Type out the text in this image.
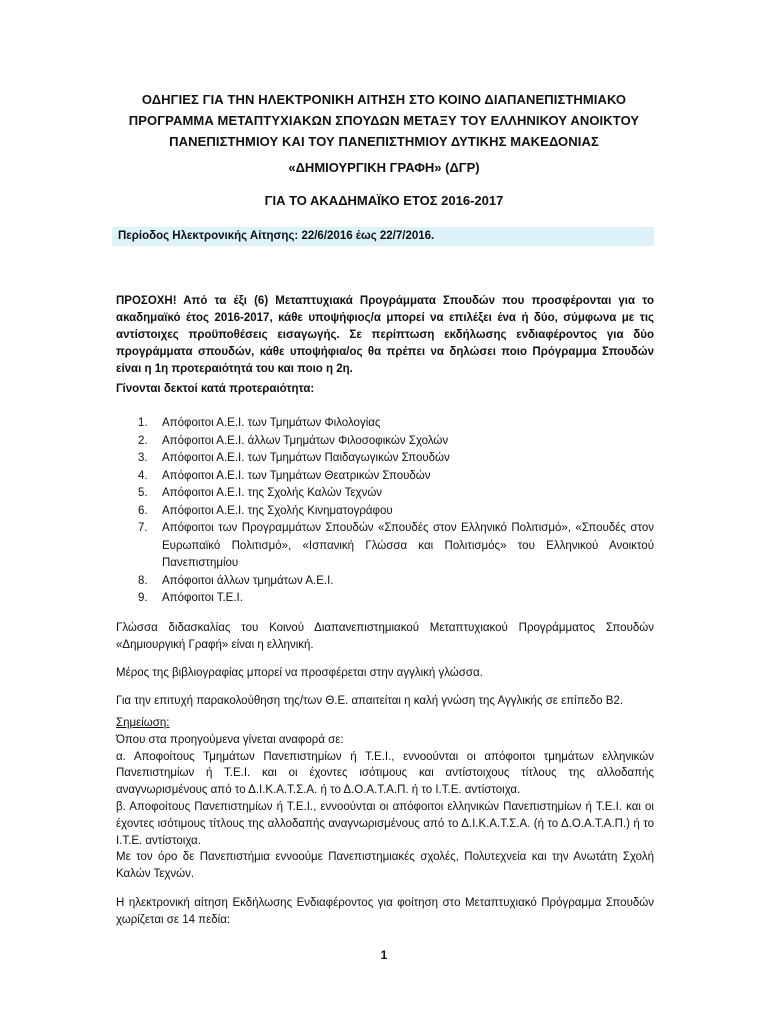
ΟΔΗΓΙΕΣ ΓΙΑ ΤΗΝ ΗΛΕΚΤΡΟΝΙΚΗ ΑΙΤΗΣΗ ΣΤΟ ΚΟΙΝΟ ΔΙΑΠΑΝΕΠΙΣΤΗΜΙΑΚΟ
ΠΡΟΓΡΑΜΜΑ ΜΕΤΑΠΤΥΧΙΑΚΩΝ ΣΠΟΥΔΩΝ ΜΕΤΑΞΥ ΤΟΥ ΕΛΛΗΝΙΚΟΥ ΑΝΟΙΚΤΟΥ
ΠΑΝΕΠΙΣΤΗΜΙΟΥ ΚΑΙ ΤΟΥ ΠΑΝΕΠΙΣΤΗΜΙΟΥ ΔΥΤΙΚΗΣ ΜΑΚΕΔΟΝΙΑΣ
«ΔΗΜΙΟΥΡΓΙΚΗ ΓΡΑΦΗ» (ΔΓΡ)
ΓΙΑ ΤΟ ΑΚΑΔΗΜΑΪΚΟ ΕΤΟΣ 2016-2017
Περίοδος Ηλεκτρονικής Αίτησης: 22/6/2016 έως 22/7/2016.
ΠΡΟΣΟΧΗ! Από τα έξι (6) Μεταπτυχιακά Προγράμματα Σπουδών που προσφέρονται για το ακαδημαϊκό έτος 2016-2017, κάθε υποψήφιος/α μπορεί να επιλέξει ένα ή δύο, σύμφωνα με τις αντίστοιχες προϋποθέσεις εισαγωγής. Σε περίπτωση εκδήλωσης ενδιαφέροντος για δύο προγράμματα σπουδών, κάθε υποψήφια/ος θα πρέπει να δηλώσει ποιο Πρόγραμμα Σπουδών είναι η 1η προτεραιότητά του και ποιο η 2η.
Γίνονται δεκτοί κατά προτεραιότητα:
1.	Απόφοιτοι Α.Ε.Ι. των Τμημάτων Φιλολογίας
2.	Απόφοιτοι Α.Ε.Ι. άλλων Τμημάτων Φιλοσοφικών Σχολών
3.	Απόφοιτοι Α.Ε.Ι. των Τμημάτων Παιδαγωγικών Σπουδών
4.	Απόφοιτοι Α.Ε.Ι. των Τμημάτων Θεατρικών Σπουδών
5.	Απόφοιτοι Α.Ε.Ι. της Σχολής Καλών Τεχνών
6.	Απόφοιτοι Α.Ε.Ι. της Σχολής Κινηματογράφου
7.	Απόφοιτοι των Προγραμμάτων Σπουδών «Σπουδές στον Ελληνικό Πολιτισμό», «Σπουδές στον Ευρωπαϊκό Πολιτισμό», «Ισπανική Γλώσσα και Πολιτισμός» του Ελληνικού Ανοικτού Πανεπιστημίου
8.	Απόφοιτοι άλλων τμημάτων Α.Ε.Ι.
9.	Απόφοιτοι Τ.Ε.Ι.
Γλώσσα διδασκαλίας του Κοινού Διαπανεπιστημιακού Μεταπτυχιακού Προγράμματος Σπουδών «Δημιουργική Γραφή» είναι η ελληνική.
Μέρος της βιβλιογραφίας μπορεί να προσφέρεται στην αγγλική γλώσσα.
Για την επιτυχή παρακολούθηση της/των Θ.Ε. απαιτείται η καλή γνώση της Αγγλικής σε επίπεδο Β2.
Σημείωση:
Όπου στα προηγούμενα γίνεται αναφορά σε:
α. Αποφοίτους Τμημάτων Πανεπιστημίων ή Τ.Ε.Ι., εννοούνται οι απόφοιτοι τμημάτων ελληνικών Πανεπιστημίων ή Τ.Ε.Ι. και οι έχοντες ισότιμους και αντίστοιχους τίτλους της αλλοδαπής αναγνωρισμένους από το Δ.Ι.Κ.Α.Τ.Σ.Α. ή το Δ.Ο.Α.Τ.Α.Π. ή το Ι.Τ.Ε. αντίστοιχα.
β. Αποφοίτους Πανεπιστημίων ή Τ.Ε.Ι., εννοούνται οι απόφοιτοι ελληνικών Πανεπιστημίων ή Τ.Ε.Ι. και οι έχοντες ισότιμους τίτλους της αλλοδαπής αναγνωρισμένους από το Δ.Ι.Κ.Α.Τ.Σ.Α. (ή το Δ.Ο.Α.Τ.Α.Π.) ή το Ι.Τ.Ε. αντίστοιχα.
Με τον όρο δε Πανεπιστήμια εννοούμε Πανεπιστημιακές σχολές, Πολυτεχνεία και την Ανωτάτη Σχολή Καλών Τεχνών.
Η ηλεκτρονική αίτηση Εκδήλωσης Ενδιαφέροντος για φοίτηση στο Μεταπτυχιακό Πρόγραμμα Σπουδών χωρίζεται σε 14 πεδία:
1
